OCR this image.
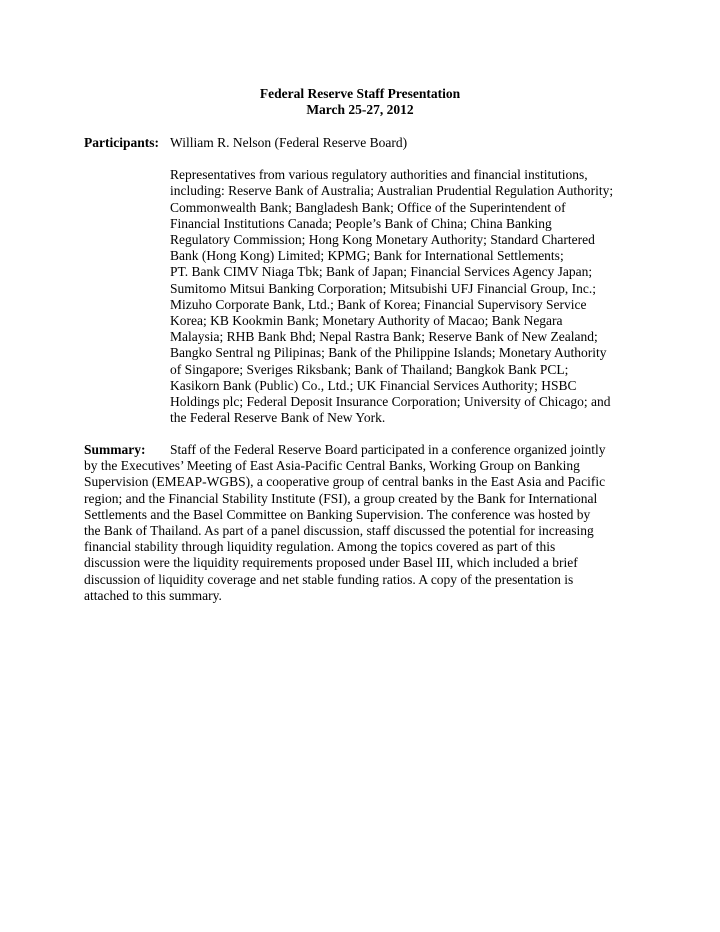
Federal Reserve Staff Presentation
March 25-27, 2012
Participants: William R. Nelson (Federal Reserve Board)

Representatives from various regulatory authorities and financial institutions,

including: Reserve Bank of Australia; Australian Prudential Regulation Authority;

Commonwealth Bank; Bangladesh Bank; Office of the Superintendent of

Financial Institutions Canada; People’s Bank of China; China Banking

Regulatory Commission; Hong Kong Monetary Authority; Standard Chartered

Bank (Hong Kong) Limited; KPMG; Bank for International Settlements;

PT. Bank CIMV Niaga Tbk; Bank of Japan; Financial Services Agency Japan;

Sumitomo Mitsui Banking Corporation; Mitsubishi UFJ Financial Group, Inc.;

Mizuho Corporate Bank, Ltd.; Bank of Korea; Financial Supervisory Service

Korea; KB Kookmin Bank; Monetary Authority of Macao; Bank Negara

Malaysia; RHB Bank Bhd; Nepal Rastra Bank; Reserve Bank of New Zealand;

Bangko Sentral ng Pilipinas; Bank of the Philippine Islands; Monetary Authority

of Singapore; Sveriges Riksbank; Bank of Thailand; Bangkok Bank PCL;

Kasikorn Bank (Public) Co., Ltd.; UK Financial Services Authority; HSBC

Holdings plc; Federal Deposit Insurance Corporation; University of Chicago; and

the Federal Reserve Bank of New York.

Summary: Staff of the Federal Reserve Board participated in a conference organized jointly

by the Executives’ Meeting of East Asia-Pacific Central Banks, Working Group on Banking

Supervision (EMEAP-WGBS), a cooperative group of central banks in the East Asia and Pacific

region; and the Financial Stability Institute (FSI), a group created by the Bank for International

Settlements and the Basel Committee on Banking Supervision. The conference was hosted by

the Bank of Thailand. As part of a panel discussion, staff discussed the potential for increasing

financial stability through liquidity regulation. Among the topics covered as part of this

discussion were the liquidity requirements proposed under Basel III, which included a brief

discussion of liquidity coverage and net stable funding ratios. A copy of the presentation is

attached to this summary.
